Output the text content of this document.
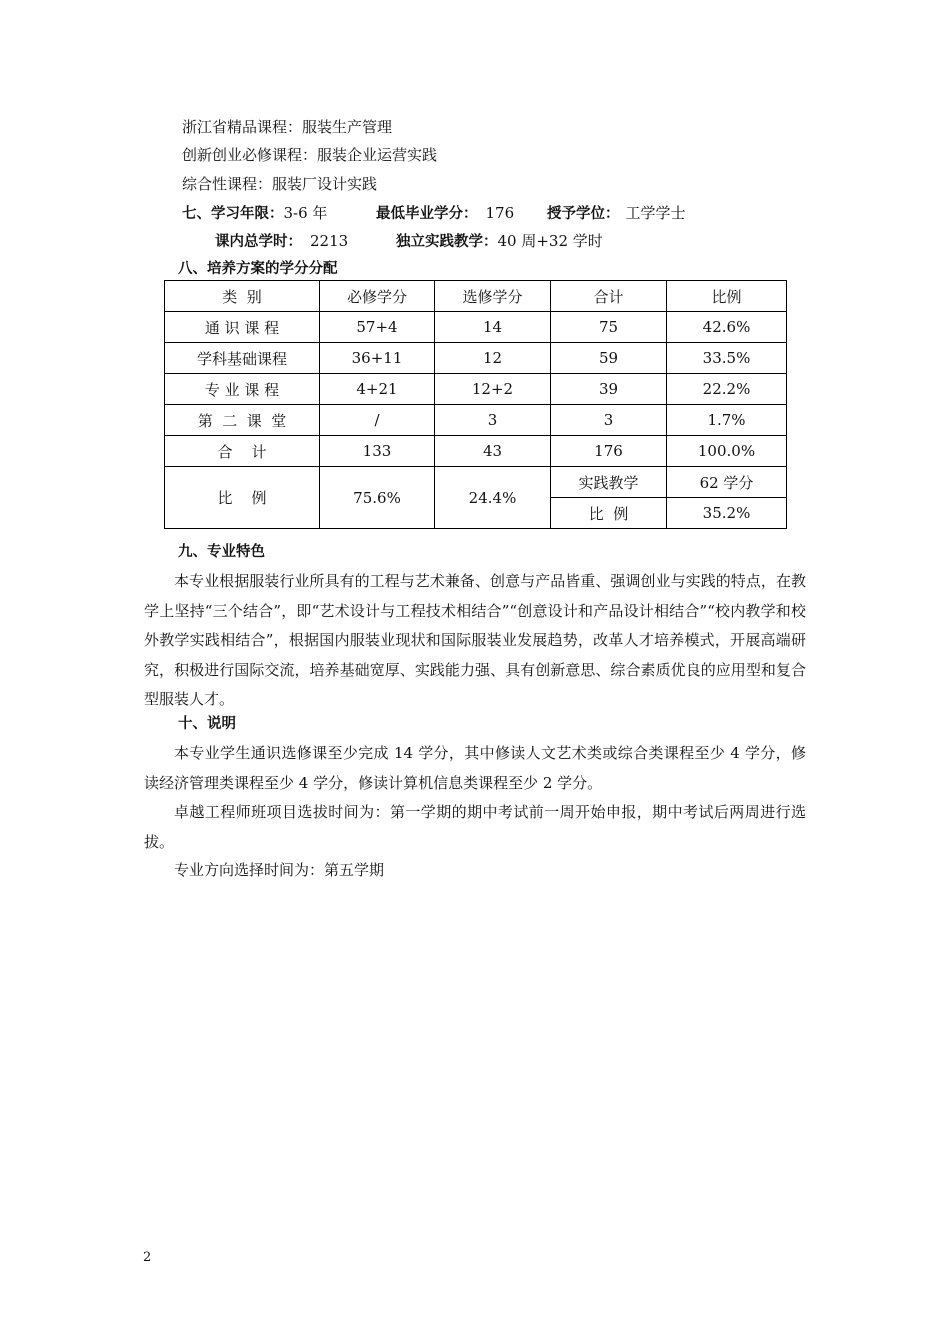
浙江省精品课程：服装生产管理
创新创业必修课程：服装企业运营实践
综合性课程：服装厂设计实践
七、学习年限：3-6 年	最低毕业学分： 176 授予学位： 工学学士
课内总学时： 2213	独立实践教学：40 周+32 学时
八、培养方案的学分分配
类  别	必修学分	选修学分	合计	比例
通 识 课 程	57+4	14	75	42.6%
学科基础课程	36+11	12	59	33.5%
专 业 课 程	4+21	12+2	39	22.2%
第  二  课  堂	/	3	3	1.7%
合    计	133	43	176	100.0%
比    例	75.6%	24.4%	实践教学	62 学分
			比  例	35.2%
九、专业特色

本专业根据服装行业所具有的工程与艺术兼备、创意与产品皆重、强调创业与实践的特点，在教学上坚持“三个结合”，即“艺术设计与工程技术相结合”“创意设计和产品设计相结合”“校内教学和校外教学实践相结合”，根据国内服装业现状和国际服装业发展趋势，改革人才培养模式，开展高端研究，积极进行国际交流，培养基础宽厚、实践能力强、具有创新意思、综合素质优良的应用型和复合型服装人才。

十、说明

本专业学生通识选修课至少完成 14 学分，其中修读人文艺术类或综合类课程至少 4 学分，修读经济管理类课程至少 4 学分，修读计算机信息类课程至少 2 学分。

卓越工程师班项目选拔时间为：第一学期的期中考试前一周开始申报，期中考试后两周进行选拔。

专业方向选择时间为：第五学期

2
